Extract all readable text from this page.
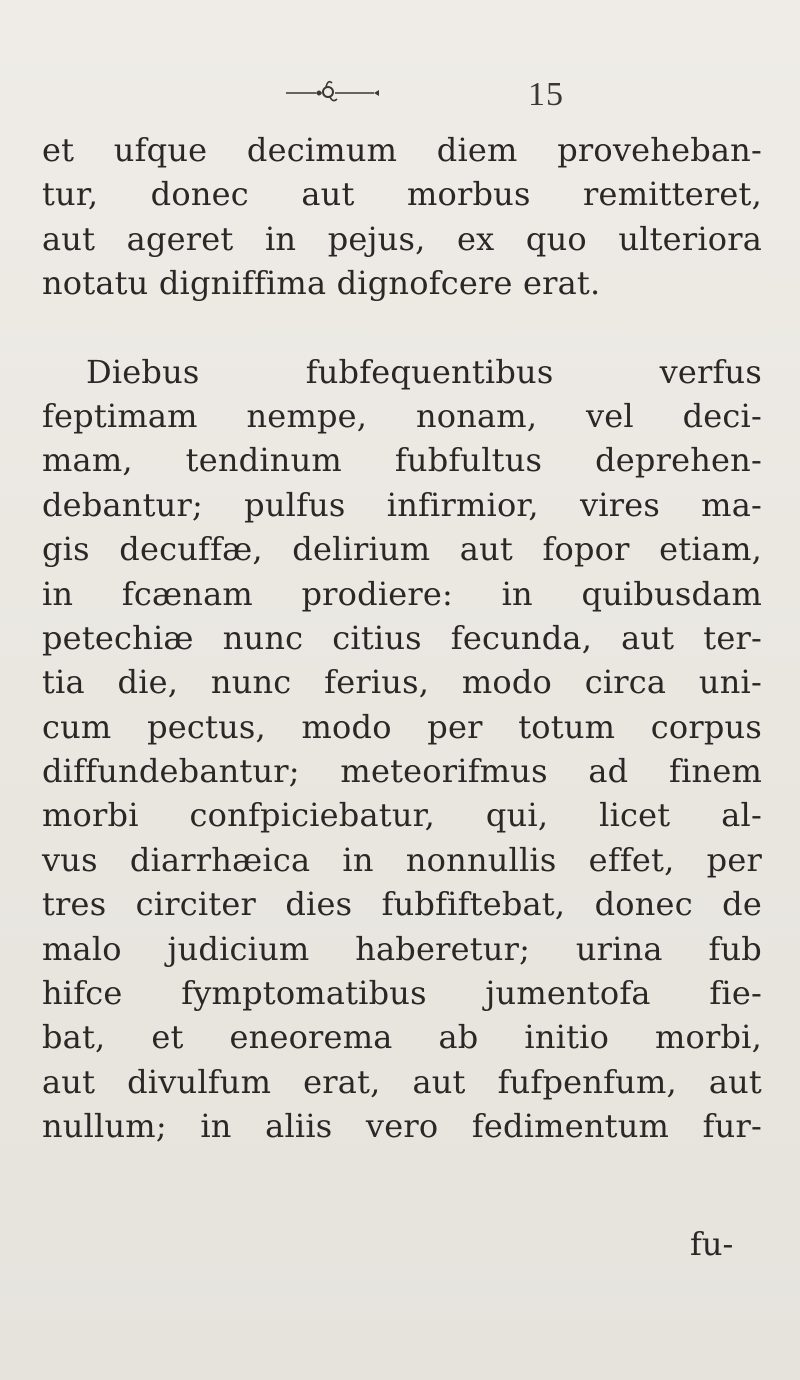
15
et ufque decimum diem proveheban-
tur, donec aut morbus remitteret,
aut ageret in pejus, ex quo ulteriora
notatu digniffima dignofcere erat.
Diebus fubfequentibus verfus
feptimam nempe, nonam, vel deci-
mam, tendinum fubfultus deprehen-
debantur; pulfus infirmior, vires ma-
gis decuffæ, delirium aut fopor etiam,
in fcænam prodiere: in quibusdam
petechiæ nunc citius fecunda, aut ter-
tia die, nunc ferius, modo circa uni-
cum pectus, modo per totum corpus
diffundebantur; meteorifmus ad finem
morbi confpiciebatur, qui, licet al-
vus diarrhæica in nonnullis effet, per
tres circiter dies fubfiftebat, donec de
malo judicium haberetur; urina fub
hifce fymptomatibus jumentofa fie-
bat, et eneorema ab initio morbi,
aut divulfum erat, aut fufpenfum, aut
nullum; in aliis vero fedimentum fur-
fu-
